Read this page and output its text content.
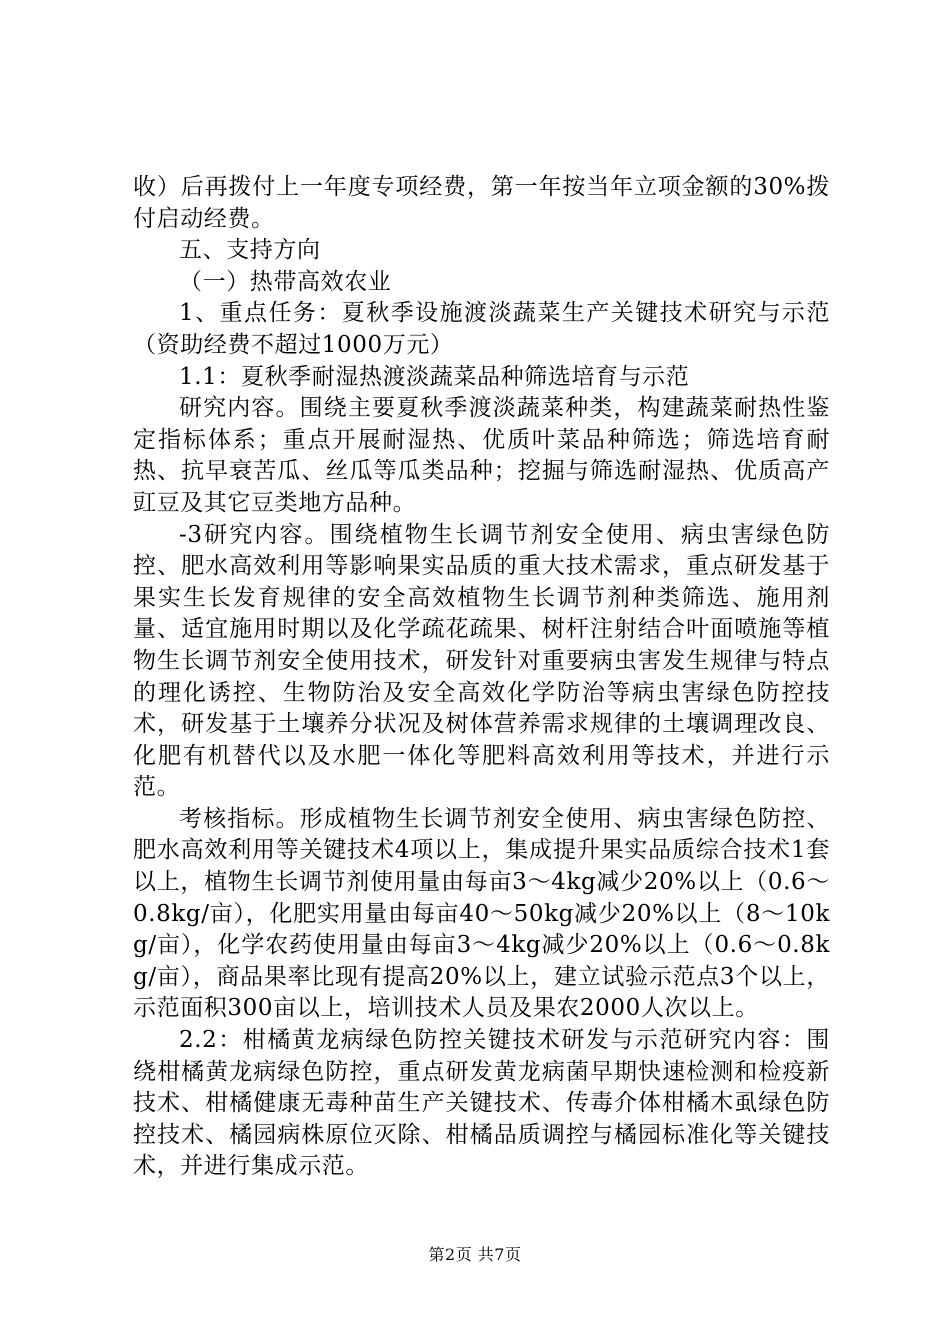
收）后再拨付上一年度专项经费，第一年按当年立项金额的30%拨付启动经费。

五、支持方向

（一）热带高效农业

1、重点任务：夏秋季设施渡淡蔬菜生产关键技术研究与示范（资助经费不超过1000万元）

1.1：夏秋季耐湿热渡淡蔬菜品种筛选培育与示范

研究内容。围绕主要夏秋季渡淡蔬菜种类，构建蔬菜耐热性鉴定指标体系；重点开展耐湿热、优质叶菜品种筛选；筛选培育耐热、抗早衰苦瓜、丝瓜等瓜类品种；挖掘与筛选耐湿热、优质高产豇豆及其它豆类地方品种。

-3研究内容。围绕植物生长调节剂安全使用、病虫害绿色防控、肥水高效利用等影响果实品质的重大技术需求，重点研发基于果实生长发育规律的安全高效植物生长调节剂种类筛选、施用剂量、适宜施用时期以及化学疏花疏果、树杆注射结合叶面喷施等植物生长调节剂安全使用技术，研发针对重要病虫害发生规律与特点的理化诱控、生物防治及安全高效化学防治等病虫害绿色防控技术，研发基于土壤养分状况及树体营养需求规律的土壤调理改良、化肥有机替代以及水肥一体化等肥料高效利用等技术，并进行示范。

考核指标。形成植物生长调节剂安全使用、病虫害绿色防控、肥水高效利用等关键技术4项以上，集成提升果实品质综合技术1套以上，植物生长调节剂使用量由每亩3～4kg减少20%以上（0.6～0.8kg/亩），化肥实用量由每亩40～50kg减少20%以上（8～10kg/亩），化学农药使用量由每亩3～4kg减少20%以上（0.6～0.8kg/亩），商品果率比现有提高20%以上，建立试验示范点3个以上，示范面积300亩以上，培训技术人员及果农2000人次以上。

2.2：柑橘黄龙病绿色防控关键技术研发与示范研究内容：围绕柑橘黄龙病绿色防控，重点研发黄龙病菌早期快速检测和检疫新技术、柑橘健康无毒种苗生产关键技术、传毒介体柑橘木虱绿色防控技术、橘园病株原位灭除、柑橘品质调控与橘园标准化等关键技术，并进行集成示范。

第2页 共7页
